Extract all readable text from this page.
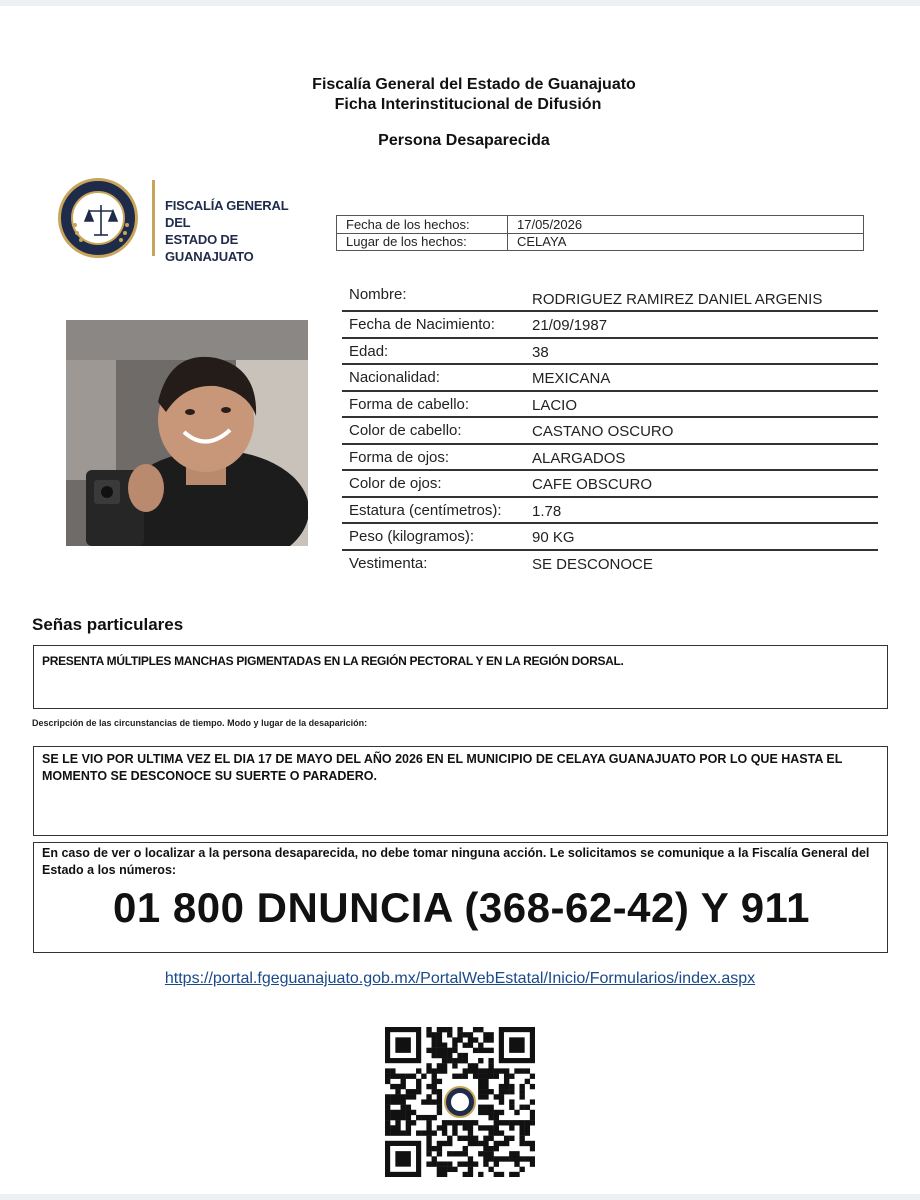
Fiscalía General del Estado de Guanajuato
Ficha Interinstitucional de Difusión
Persona Desaparecida
FISCALÍA GENERAL DEL
ESTADO DE GUANAJUATO
Fecha de los hechos:	17/05/2026
Lugar de los hechos:	CELAYA
Nombre:	RODRIGUEZ RAMIREZ DANIEL ARGENIS
Fecha de Nacimiento: 21/09/1987
Edad:	38
Nacionalidad:	MEXICANA
Forma de cabello:	LACIO
Color de cabello:	CASTANO OSCURO
Forma de ojos:	ALARGADOS
Color de ojos:	CAFE OBSCURO
Estatura (centímetros): 1.78
Peso (kilogramos):	90 KG
Vestimenta:	SE DESCONOCE
Señas particulares
PRESENTA MÚLTIPLES MANCHAS PIGMENTADAS EN LA REGIÓN PECTORAL Y EN LA REGIÓN DORSAL.
Descripción de las circunstancias de tiempo. Modo y lugar de la desaparición:
SE LE VIO POR ULTIMA VEZ EL DIA 17 DE MAYO DEL AÑO 2026 EN EL MUNICIPIO DE CELAYA GUANAJUATO POR LO QUE HASTA EL MOMENTO SE DESCONOCE SU SUERTE O PARADERO.
En caso de ver o localizar a la persona desaparecida, no debe tomar ninguna acción. Le solicitamos se comunique a la Fiscalía General del Estado a los números:
01 800 DNUNCIA (368-62-42) Y 911
https://portal.fgeguanajuato.gob.mx/PortalWebEstatal/Inicio/Formularios/index.aspx
